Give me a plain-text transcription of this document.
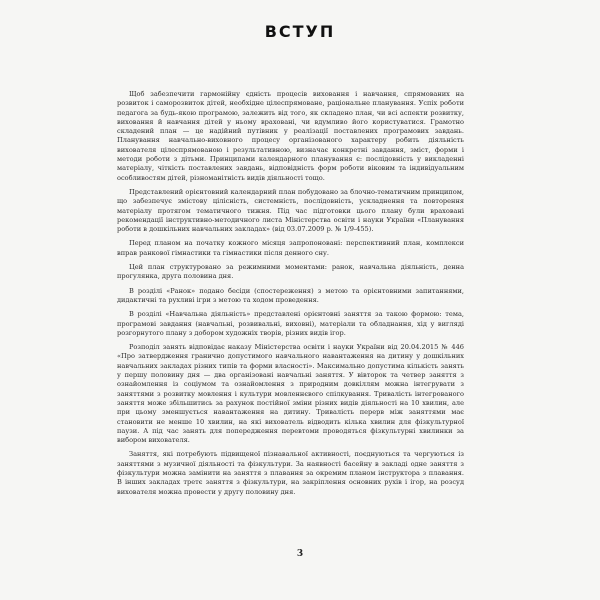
ВСТУП

Щоб забезпечити гармонійну єдність процесів виховання і навчання, спрямованих на розвиток і саморозвиток дітей, необхідне цілеспрямоване, раціональне планування. Успіх роботи педагога за будь-якою програмою, залежить від того, як складено план, чи всі аспекти розвитку, виховання й навчання дітей у ньому враховані, чи вдумливо його користуватися. Грамотно складений план — це надійний путівник у реалізації поставлених програмових завдань. Планування навчально-виховного процесу організованого характеру робить діяльність вихователя цілеспрямованою і результативною, визначає конкретні завдання, зміст, форми і методи роботи з дітьми. Принципами календарного планування є: послідовність у викладенні матеріалу, чіткість поставлених завдань, відповідність форм роботи віковим та індивідуальним особливостям дітей, різноманітність видів діяльності тощо.

Представлений орієнтовний календарний план побудовано за блочно-тематичним принципом, що забезпечує змістову цілісність, системність, послідовність, ускладнення та повторення матеріалу протягом тематичного тижня. Під час підготовки цього плану були враховані рекомендації інструктивно-методичного листа Міністерства освіти і науки України «Планування роботи в дошкільних навчальних закладах» (від 03.07.2009 р. № 1/9-455).

Перед планом на початку кожного місяця запропоновані: перспективний план, комплекси вправ ранкової гімнастики та гімнастики після денного сну.

Цей план структуровано за режимними моментами: ранок, навчальна діяльність, денна прогулянка, друга половина дня.

В розділі «Ранок» подано бесіди (спостереження) з метою та орієнтовними запитаннями, дидактичні та рухливі ігри з метою та ходом проведення.

В розділі «Навчальна діяльність» представлені орієнтовні заняття за такою формою: тема, програмові завдання (навчальні, розвивальні, виховні), матеріали та обладнання, хід у вигляді розгорнутого плану з добором художніх творів, різних видів ігор.

Розподіл занять відповідає наказу Міністерства освіти і науки України від 20.04.2015 № 446 «Про затвердження гранично допустимого навчального навантаження на дитину у дошкільних навчальних закладах різних типів та форми власності». Максимально допустима кількість занять у першу половину дня — два організовані навчальні заняття. У вівторок та четвер заняття з ознайомлення із соціумом та ознайомлення з природним довкіллям можна інтегрувати з заняттями з розвитку мовлення і культури мовленнєвого спілкування. Тривалість інтегрованого заняття може збільшитись за рахунок постійної зміни різних видів діяльності на 10 хвилин, але при цьому зменшується навантаження на дитину. Тривалість перерв між заняттями має становити не менше 10 хвилин, на які вихователь відводить кілька хвилин для фізкультурної паузи. А під час занять для попередження перевтоми проводяться фізкультурні хвилинки за вибором вихователя.

Заняття, які потребують підвищеної пізнавальної активності, поєднуються та чергуються із заняттями з музичної діяльності та фізкультури. За наявності басейну в закладі одне заняття з фізкультури можна замінити на заняття з плавання за окремим планом інструктора з плавання. В інших закладах третє заняття з фізкультури, на закріплення основних рухів і ігор, на розсуд вихователя можна провести у другу половину дня.

3
